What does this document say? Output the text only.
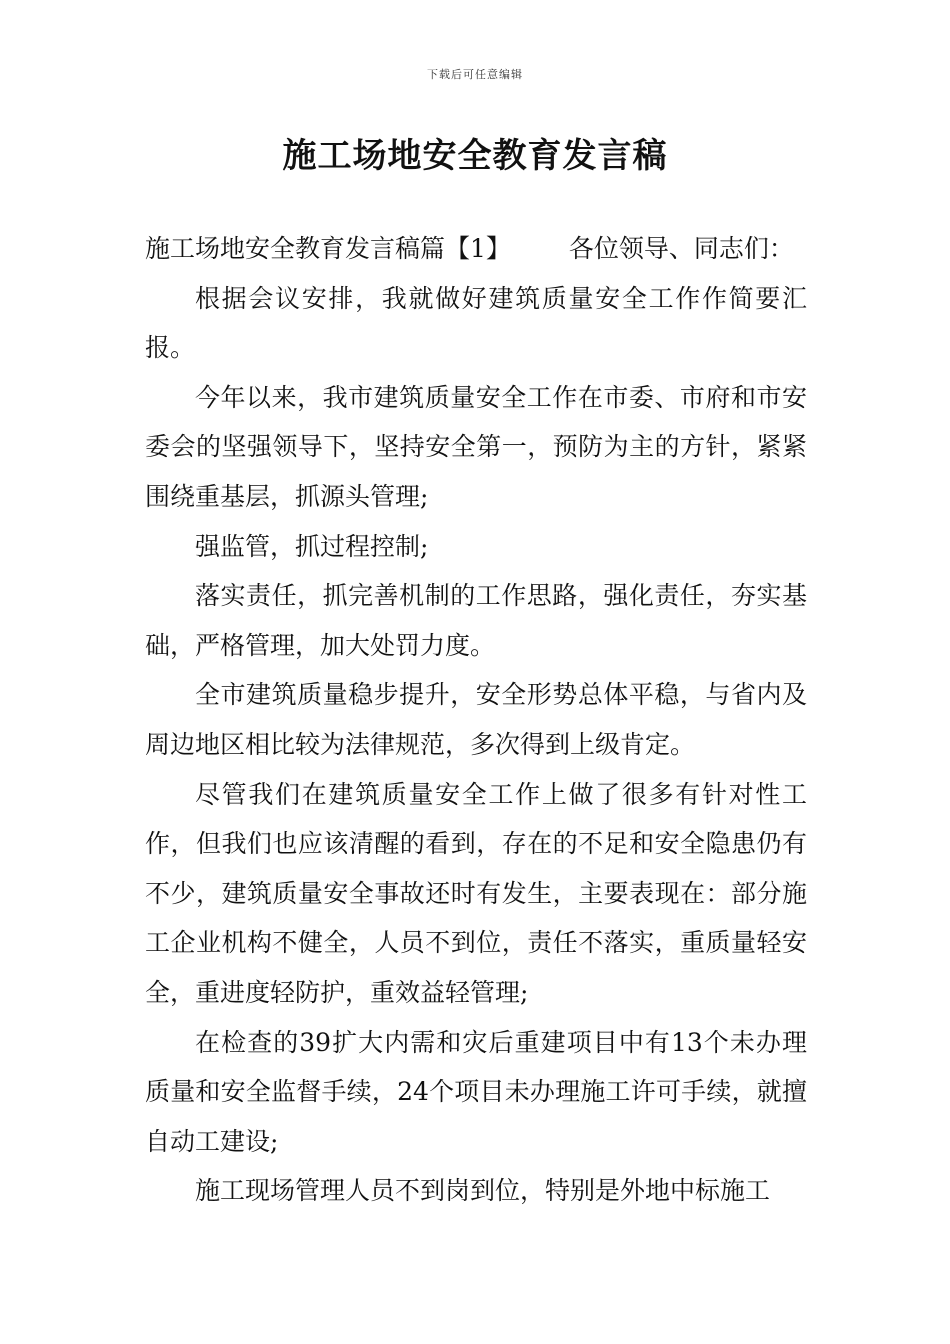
下载后可任意编辑
施工场地安全教育发言稿

施工场地安全教育发言稿篇【1】 各位领导、同志们：

根据会议安排，我就做好建筑质量安全工作作简要汇报。

今年以来，我市建筑质量安全工作在市委、市府和市安委会的坚强领导下，坚持安全第一，预防为主的方针，紧紧围绕重基层，抓源头管理;

强监管，抓过程控制;

落实责任，抓完善机制的工作思路，强化责任，夯实基础，严格管理，加大处罚力度。

全市建筑质量稳步提升，安全形势总体平稳，与省内及周边地区相比较为法律规范，多次得到上级肯定。

尽管我们在建筑质量安全工作上做了很多有针对性工作，但我们也应该清醒的看到，存在的不足和安全隐患仍有不少，建筑质量安全事故还时有发生，主要表现在：部分施工企业机构不健全，人员不到位，责任不落实，重质量轻安全，重进度轻防护，重效益轻管理;

在检查的39扩大内需和灾后重建项目中有13个未办理质量和安全监督手续，24个项目未办理施工许可手续，就擅自动工建设;

施工现场管理人员不到岗到位，特别是外地中标施工
